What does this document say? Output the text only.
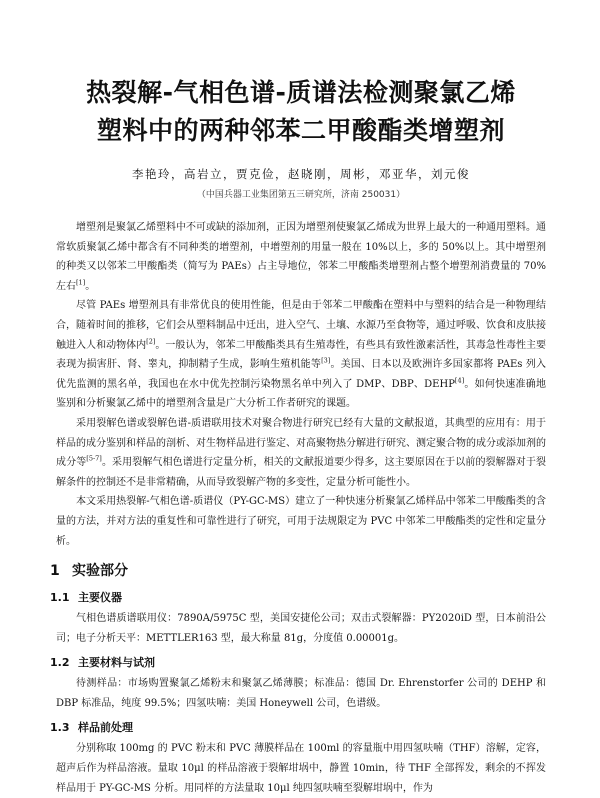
热裂解-气相色谱-质谱法检测聚氯乙烯
塑料中的两种邻苯二甲酸酯类增塑剂
李艳玲，高岩立，贾克俭，赵晓刚，周彬，邓亚华，刘元俊
（中国兵器工业集团第五三研究所，济南 250031）

增塑剂是聚氯乙烯塑料中不可或缺的添加剂，正因为增塑剂使聚氯乙烯成为世界上最大的一种通用塑料。通常软质聚氯乙烯中都含有不同种类的增塑剂，中增塑剂的用量一般在 10%以上，多的 50%以上。其中增塑剂的种类又以邻苯二甲酸酯类（简写为 PAEs）占主导地位，邻苯二甲酸酯类增塑剂占整个增塑剂消费量的 70%左右[1]。

尽管 PAEs 增塑剂具有非常优良的使用性能，但是由于邻苯二甲酸酯在塑料中与塑料的结合是一种物理结合，随着时间的推移，它们会从塑料制品中迁出，进入空气、土壤、水源乃至食物等，通过呼吸、饮食和皮肤接触进入人和动物体内[2]。一般认为，邻苯二甲酸酯类具有生殖毒性，有些具有致性激素活性，其毒急性毒性主要表现为损害肝、肾、睾丸，抑制精子生成，影响生殖机能等[3]。美国、日本以及欧洲许多国家都将 PAEs 列入优先监测的黑名单，我国也在水中优先控制污染物黑名单中列入了 DMP、DBP、DEHP[4]。如何快速准确地鉴别和分析聚氯乙烯中的增塑剂含量是广大分析工作者研究的课题。

采用裂解色谱或裂解色谱-质谱联用技术对聚合物进行研究已经有大量的文献报道，其典型的应用有：用于样品的成分鉴别和样品的剖析、对生物样品进行鉴定、对高聚物热分解进行研究、测定聚合物的成分或添加剂的成分等[5-7]。采用裂解气相色谱进行定量分析，相关的文献报道要少得多，这主要原因在于以前的裂解器对于裂解条件的控制还不是非常精确，从而导致裂解产物的多变性，定量分析可能性小。

本文采用热裂解-气相色谱-质谱仪（PY-GC-MS）建立了一种快速分析聚氯乙烯样品中邻苯二甲酸酯类的含量的方法，并对方法的重复性和可靠性进行了研究，可用于法规限定为 PVC 中邻苯二甲酸酯类的定性和定量分析。

1 实验部分
1.1 主要仪器

气相色谱质谱联用仪：7890A/5975C 型，美国安捷伦公司；双击式裂解器：PY2020iD 型，日本前沿公司；电子分析天平：METTLER163 型，最大称量 81g，分度值 0.00001g。

1.2 主要材料与试剂

待测样品：市场购置聚氯乙烯粉末和聚氯乙烯薄膜；标准品：德国 Dr. Ehrenstorfer 公司的 DEHP 和 DBP 标准品，纯度 99.5%；四氢呋喃：美国 Honeywell 公司，色谱级。

1.3 样品前处理

分别称取 100mg 的 PVC 粉末和 PVC 薄膜样品在 100ml 的容量瓶中用四氢呋喃（THF）溶解，定容，超声后作为样品溶液。量取 10μl 的样品溶液于裂解坩埚中，静置 10min，待 THF 全部挥发，剩余的不挥发样品用于 PY-GC-MS 分析。用同样的方法量取 10μl 纯四氢呋喃至裂解坩埚中，作为
